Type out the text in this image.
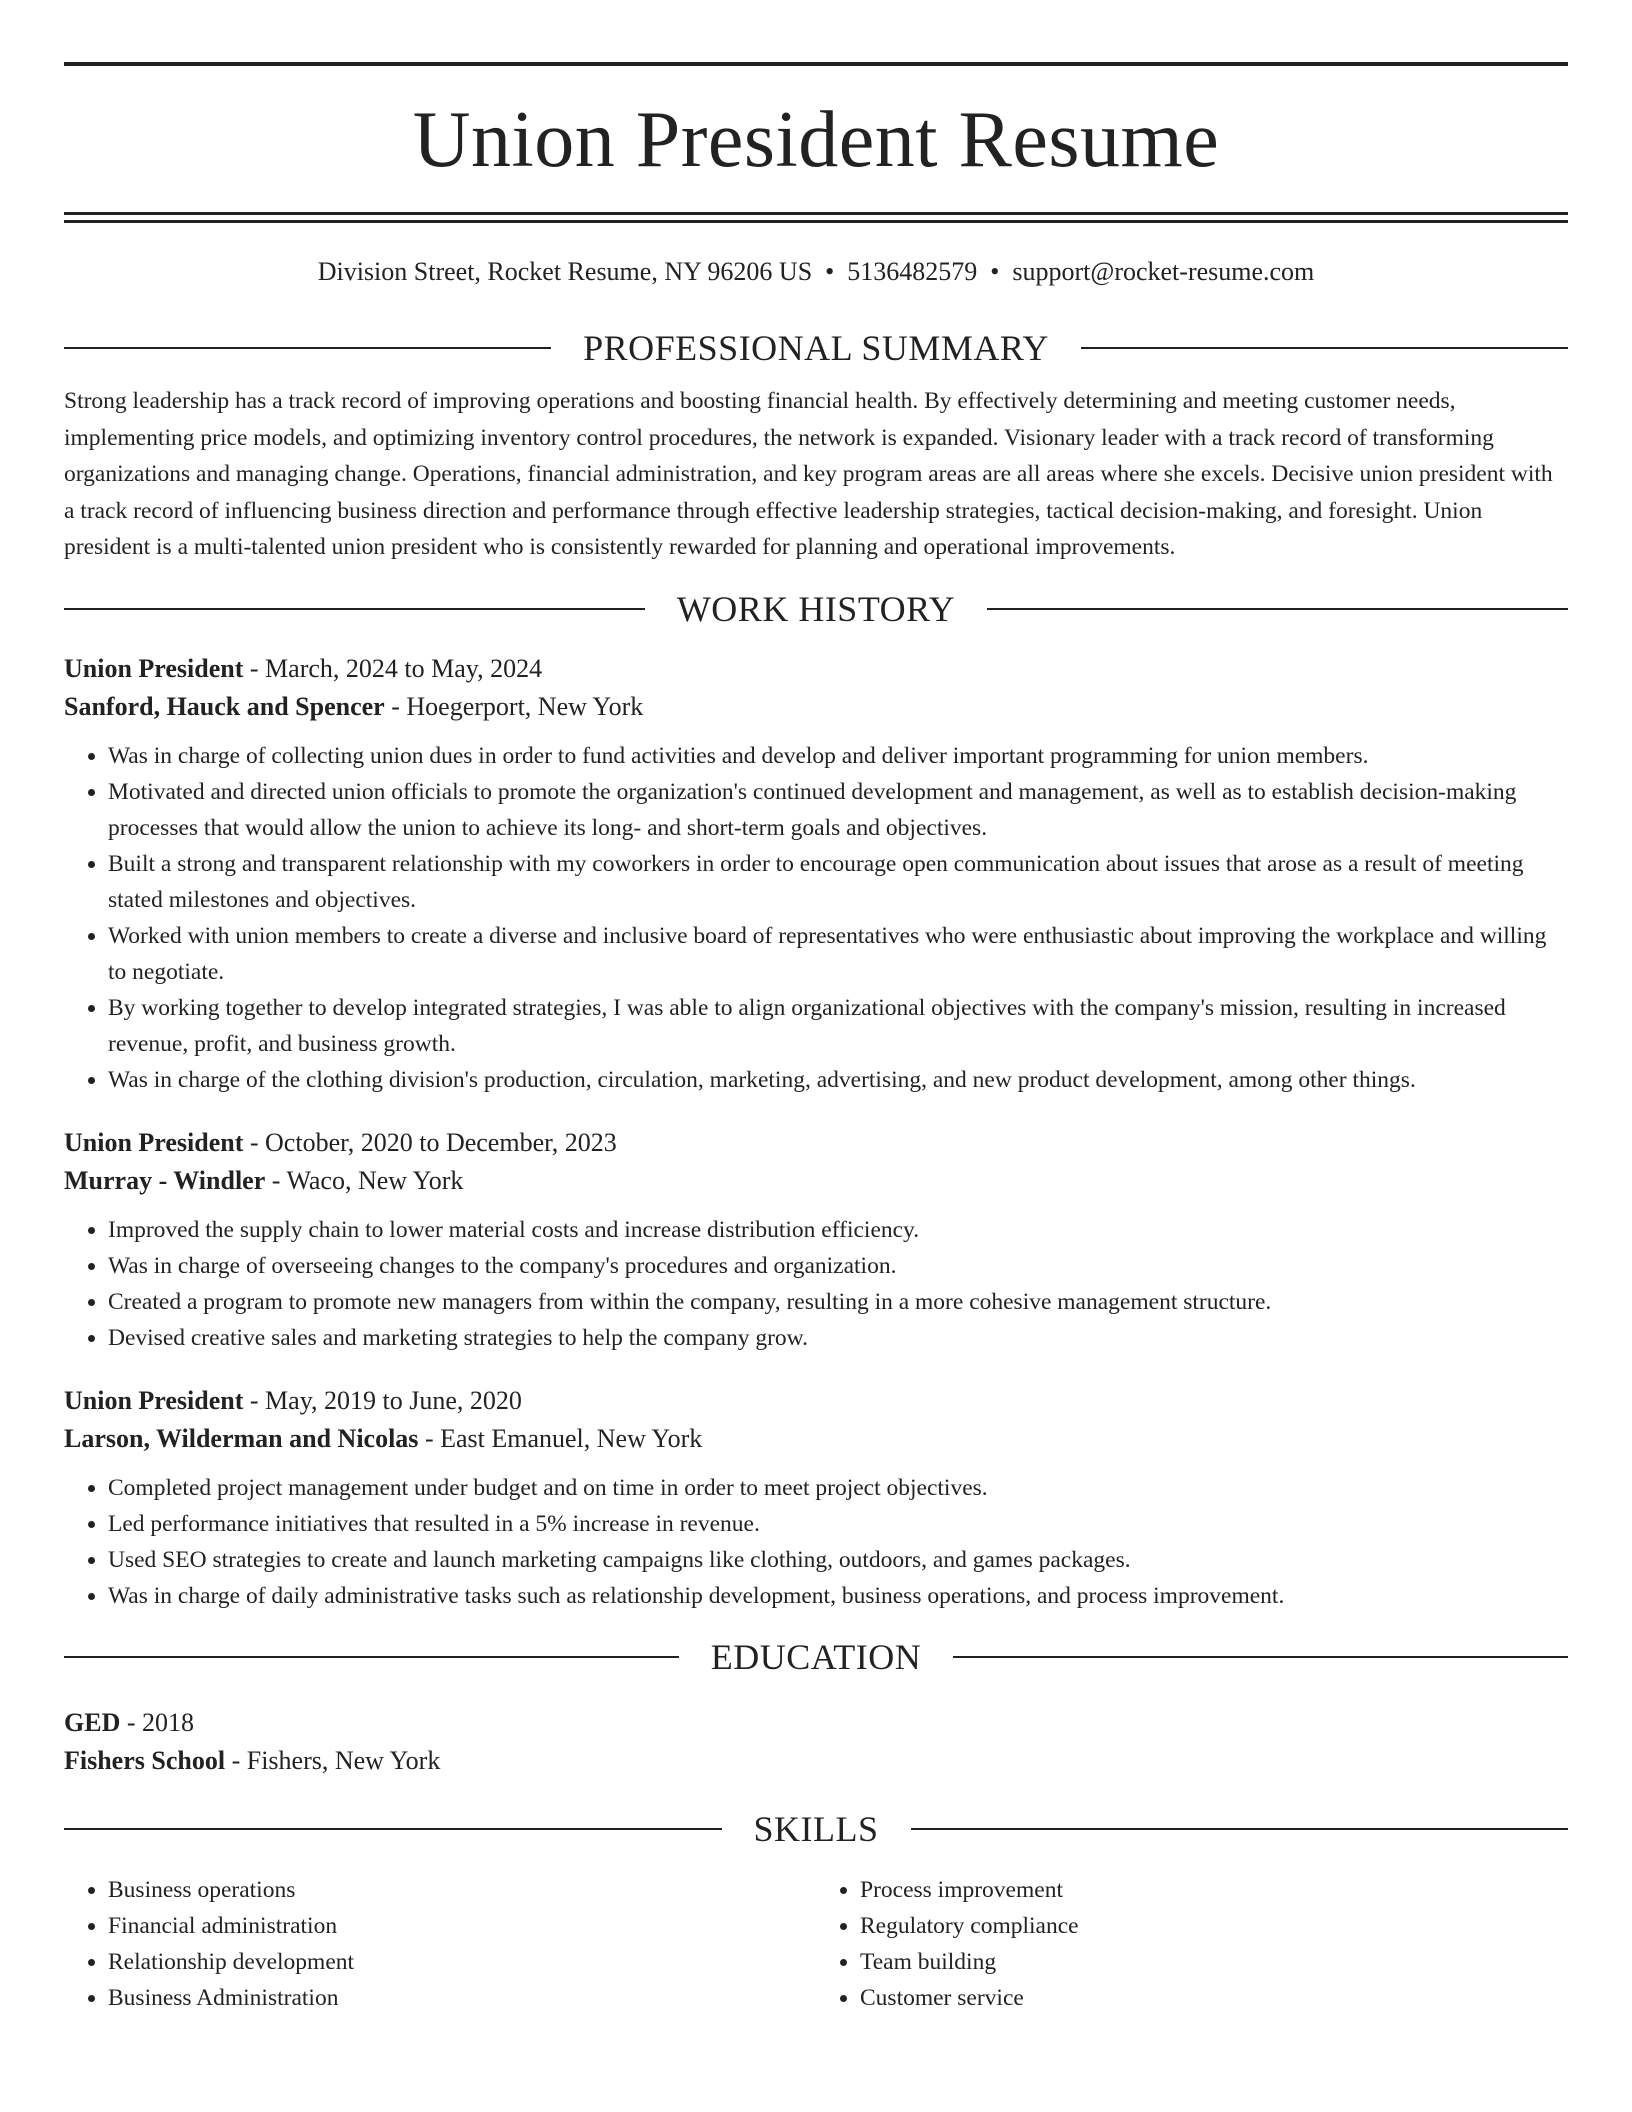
Union President Resume
Division Street, Rocket Resume, NY 96206 US • 5136482579 • support@rocket-resume.com
PROFESSIONAL SUMMARY
Strong leadership has a track record of improving operations and boosting financial health. By effectively determining and meeting customer needs, implementing price models, and optimizing inventory control procedures, the network is expanded. Visionary leader with a track record of transforming organizations and managing change. Operations, financial administration, and key program areas are all areas where she excels. Decisive union president with a track record of influencing business direction and performance through effective leadership strategies, tactical decision-making, and foresight. Union president is a multi-talented union president who is consistently rewarded for planning and operational improvements.
WORK HISTORY
Union President - March, 2024 to May, 2024
Sanford, Hauck and Spencer - Hoegerport, New York
• Was in charge of collecting union dues in order to fund activities and develop and deliver important programming for union members.
• Motivated and directed union officials to promote the organization's continued development and management, as well as to establish decision-making processes that would allow the union to achieve its long- and short-term goals and objectives.
• Built a strong and transparent relationship with my coworkers in order to encourage open communication about issues that arose as a result of meeting stated milestones and objectives.
• Worked with union members to create a diverse and inclusive board of representatives who were enthusiastic about improving the workplace and willing to negotiate.
• By working together to develop integrated strategies, I was able to align organizational objectives with the company's mission, resulting in increased revenue, profit, and business growth.
• Was in charge of the clothing division's production, circulation, marketing, advertising, and new product development, among other things.
Union President - October, 2020 to December, 2023
Murray - Windler - Waco, New York
• Improved the supply chain to lower material costs and increase distribution efficiency.
• Was in charge of overseeing changes to the company's procedures and organization.
• Created a program to promote new managers from within the company, resulting in a more cohesive management structure.
• Devised creative sales and marketing strategies to help the company grow.
Union President - May, 2019 to June, 2020
Larson, Wilderman and Nicolas - East Emanuel, New York
• Completed project management under budget and on time in order to meet project objectives.
• Led performance initiatives that resulted in a 5% increase in revenue.
• Used SEO strategies to create and launch marketing campaigns like clothing, outdoors, and games packages.
• Was in charge of daily administrative tasks such as relationship development, business operations, and process improvement.
EDUCATION
GED - 2018
Fishers School - Fishers, New York
SKILLS
• Business operations
• Financial administration
• Relationship development
• Business Administration
• Process improvement
• Regulatory compliance
• Team building
• Customer service
